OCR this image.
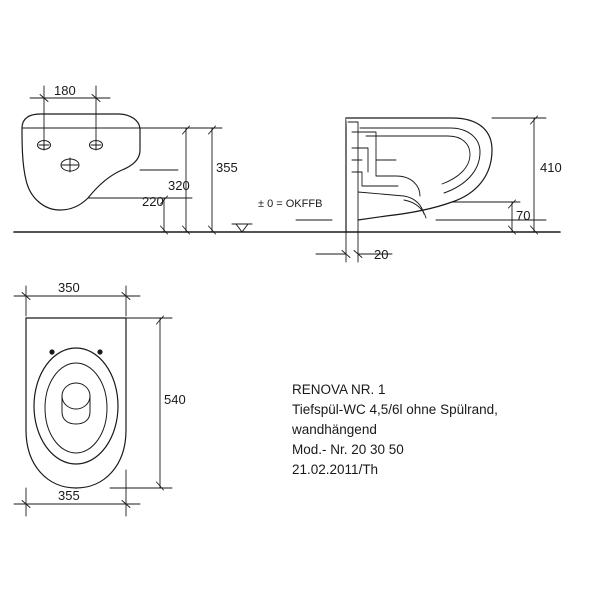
180
355
320
220	± 0 = OKFFB
410
70
20
350
540
355
RENOVA NR. 1
Tiefspül-WC 4,5/6l ohne Spülrand,
wandhängend
Mod.- Nr. 20 30 50
21.02.2011/Th
